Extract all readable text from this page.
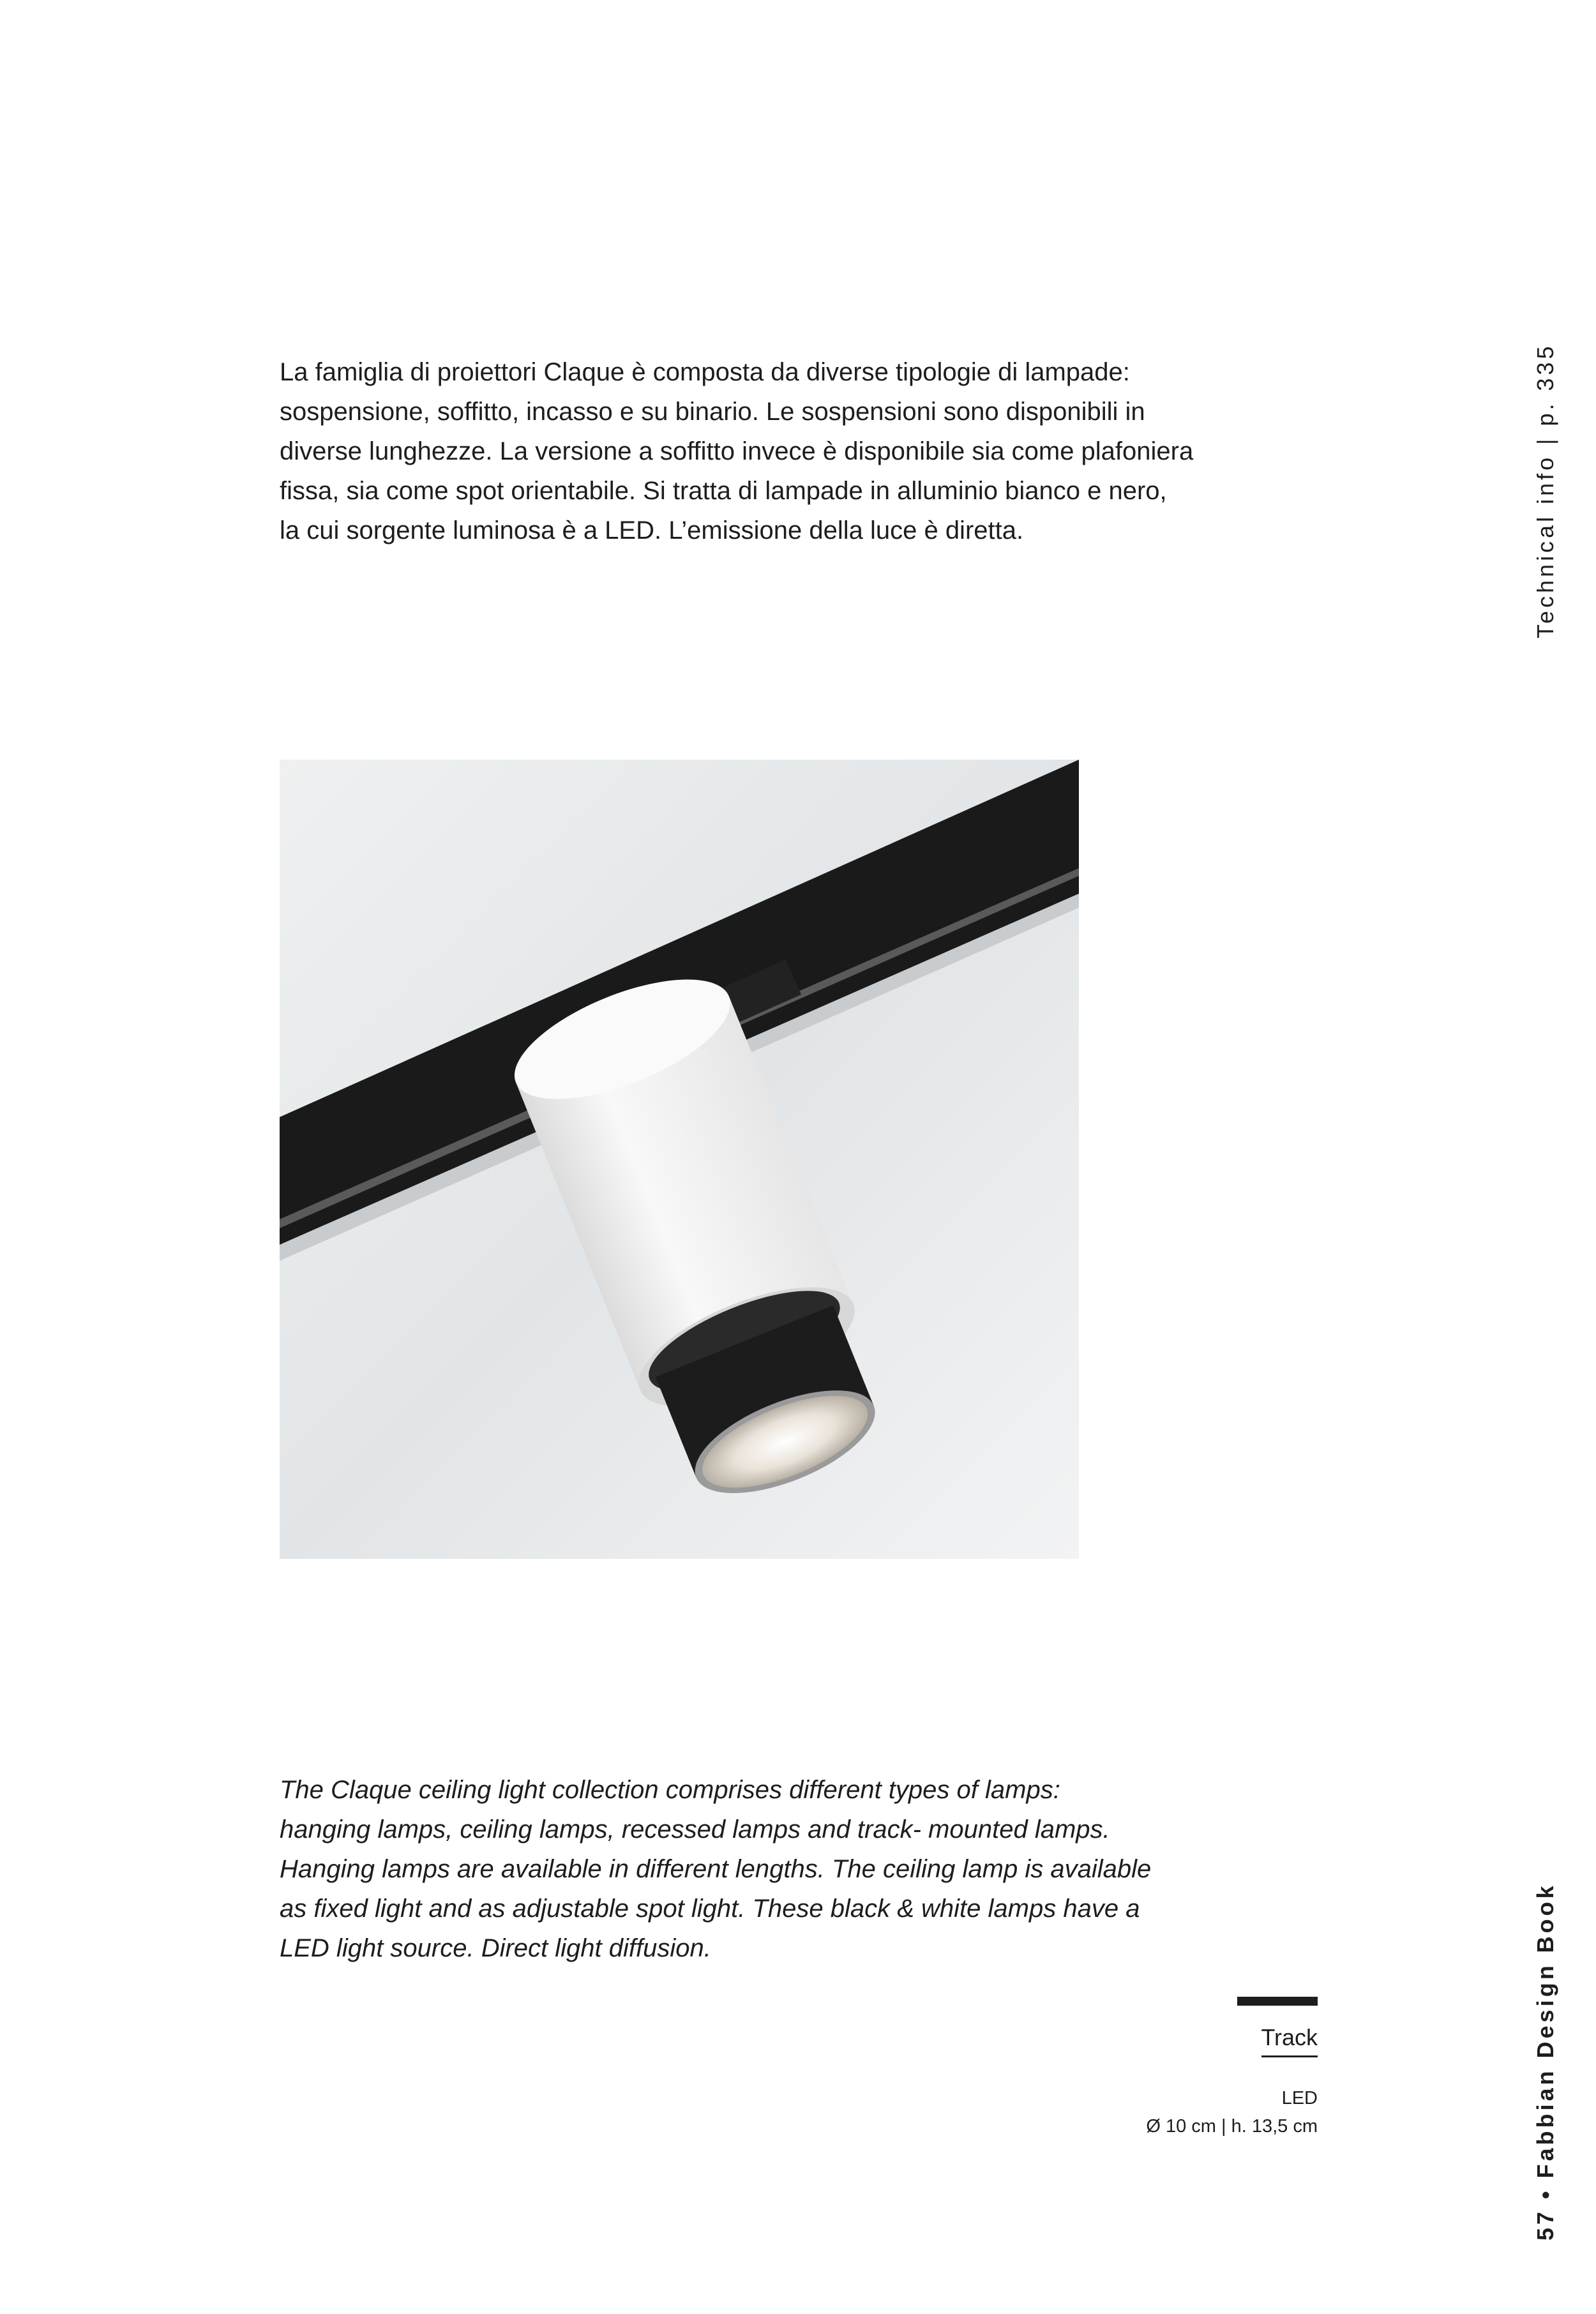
La famiglia di proiettori Claque è composta da diverse tipologie di lampade:
sospensione, soffitto, incasso e su binario. Le sospensioni sono disponibili in
diverse lunghezze. La versione a soffitto invece è disponibile sia come plafoniera
fissa, sia come spot orientabile. Si tratta di lampade in alluminio bianco e nero,
la cui sorgente luminosa è a LED. L’emissione della luce è diretta.	Technical info | p. 335

The Claque ceiling light collection comprises different types of lamps:
hanging lamps, ceiling lamps, recessed lamps and track- mounted lamps.
Hanging lamps are available in different lengths. The ceiling lamp is available
as fixed light and as adjustable spot light. These black & white lamps have a
LED light source. Direct light diffusion.

Track
LED
Ø 10 cm | h. 13,5 cm	57 • Fabbian Design Book
